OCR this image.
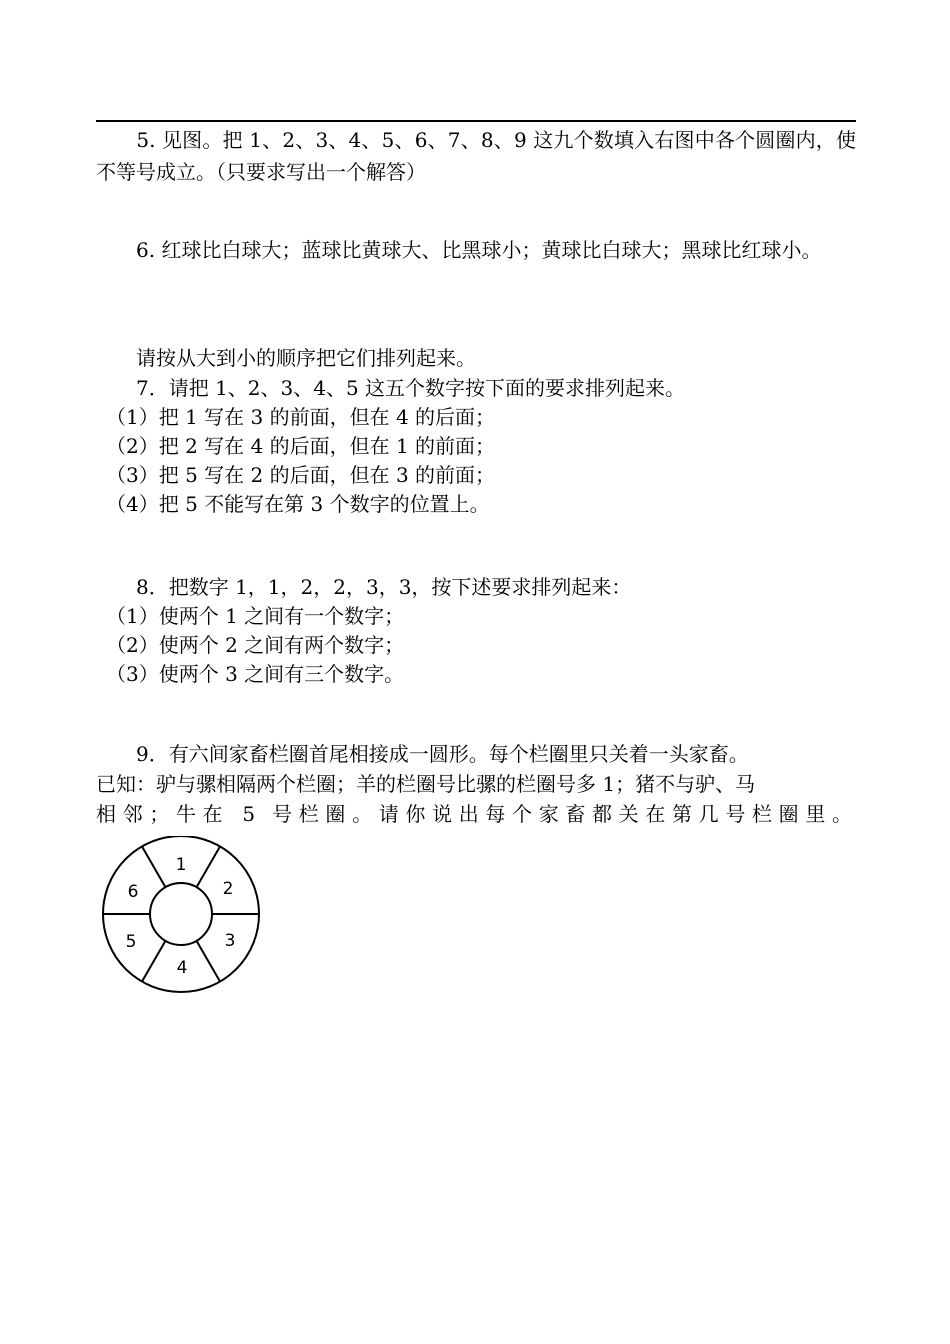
　　5. 见图。把 1、2、3、4、5、6、7、8、9 这九个数填入右图中各个圆圈内，使不等号成立。（只要求写出一个解答）
　　6. 红球比白球大；蓝球比黄球大、比黑球小；黄球比白球大；黑球比红球小。
　　请按从大到小的顺序把它们排列起来。
　　7．请把 1、2、3、4、5 这五个数字按下面的要求排列起来。
　（1）把 1 写在 3 的前面，但在 4 的后面；
　（2）把 2 写在 4 的后面，但在 1 的前面；
　（3）把 5 写在 2 的后面，但在 3 的前面；
　（4）把 5 不能写在第 3 个数字的位置上。
　　8．把数字 1，1，2，2，3，3，按下述要求排列起来：
　（1）使两个 1 之间有一个数字；
　（2）使两个 2 之间有两个数字；
　（3）使两个 3 之间有三个数字。
　　9．有六间家畜栏圈首尾相接成一圆形。每个栏圈里只关着一头家畜。
已知：驴与骡相隔两个栏圈；羊的栏圈号比骡的栏圈号多 1；猪不与驴、马
相邻；牛在 5 号栏圈。请你说出每个家畜都关在第几号栏圈里。
1
2
3
4
5
6
